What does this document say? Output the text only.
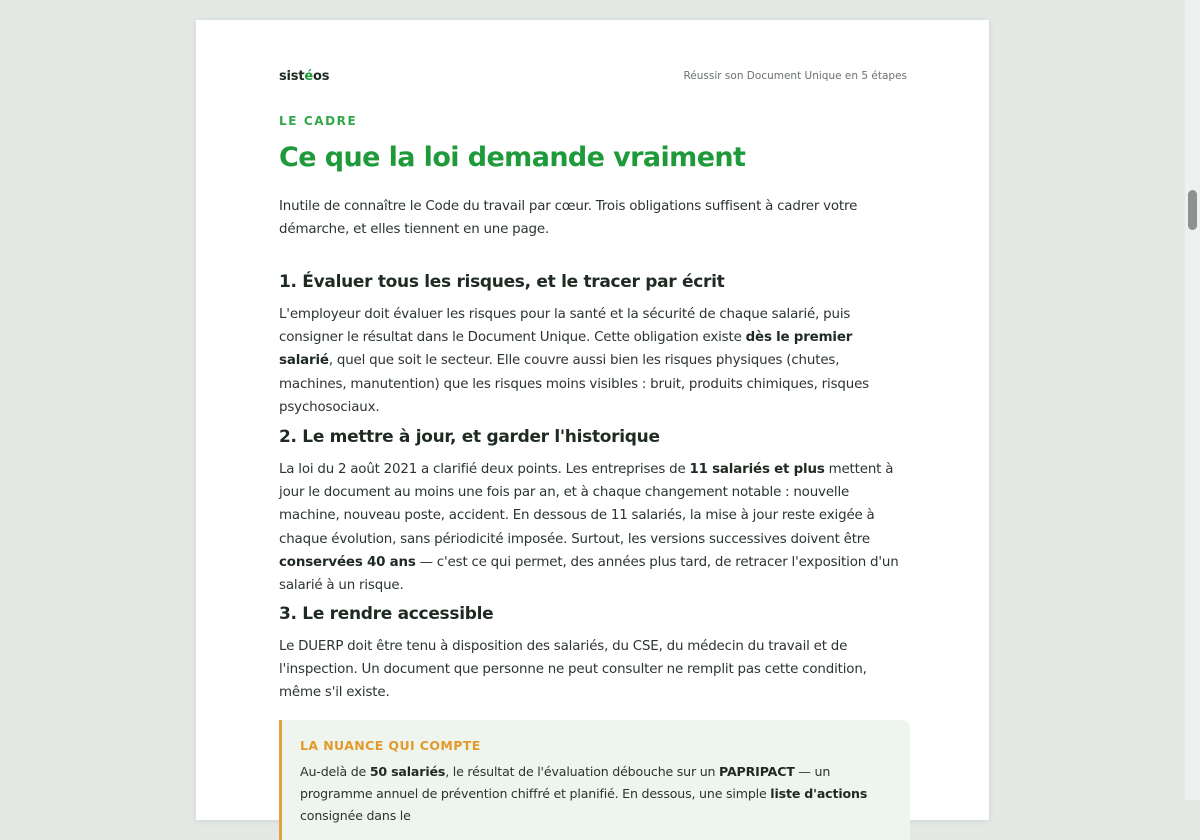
sistéos	Réussir son Document Unique en 5 étapes
LE CADRE
Ce que la loi demande vraiment

Inutile de connaître le Code du travail par cœur. Trois obligations suffisent à cadrer votre démarche, et elles tiennent en une page.

1. Évaluer tous les risques, et le tracer par écrit

L'employeur doit évaluer les risques pour la santé et la sécurité de chaque salarié, puis consigner le résultat dans le Document Unique. Cette obligation existe dès le premier salarié, quel que soit le secteur. Elle couvre aussi bien les risques physiques (chutes, machines, manutention) que les risques moins visibles : bruit, produits chimiques, risques psychosociaux.

2. Le mettre à jour, et garder l'historique

La loi du 2 août 2021 a clarifié deux points. Les entreprises de 11 salariés et plus mettent à jour le document au moins une fois par an, et à chaque changement notable : nouvelle machine, nouveau poste, accident. En dessous de 11 salariés, la mise à jour reste exigée à chaque évolution, sans périodicité imposée. Surtout, les versions successives doivent être conservées 40 ans — c'est ce qui permet, des années plus tard, de retracer l'exposition d'un salarié à un risque.

3. Le rendre accessible

Le DUERP doit être tenu à disposition des salariés, du CSE, du médecin du travail et de l'inspection. Un document que personne ne peut consulter ne remplit pas cette condition, même s'il existe.

LA NUANCE QUI COMPTE

Au-delà de 50 salariés, le résultat de l'évaluation débouche sur un PAPRIPACT — un programme annuel de prévention chiffré et planifié. En dessous, une simple liste d'actions consignée dans le
